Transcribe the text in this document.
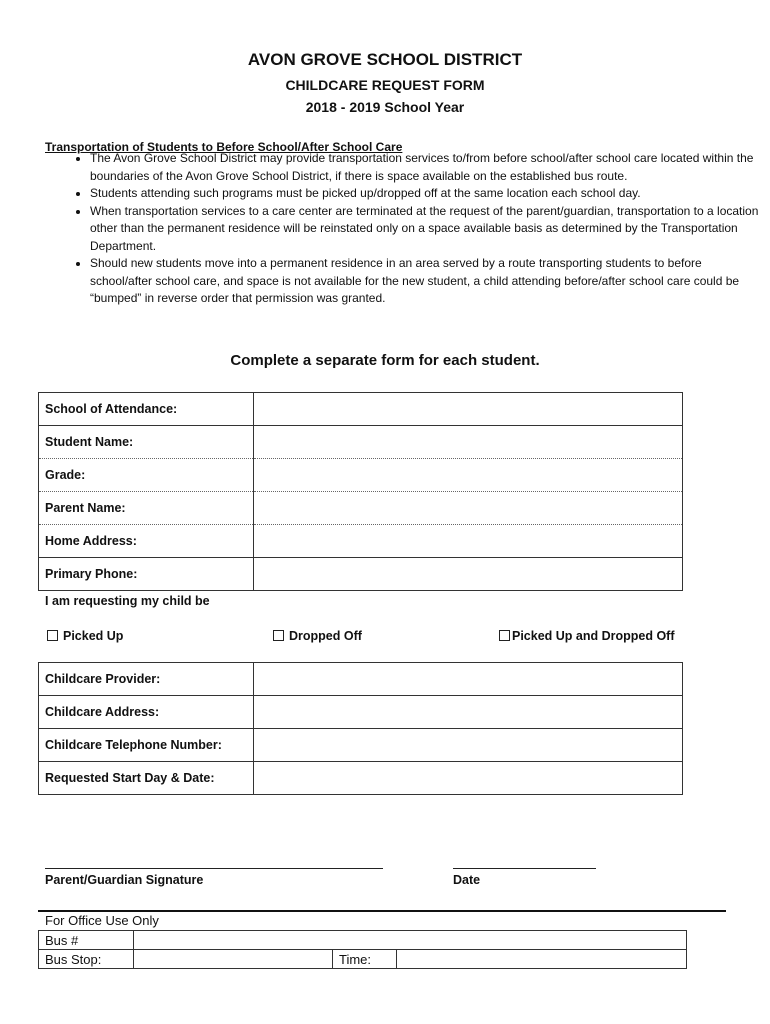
AVON GROVE SCHOOL DISTRICT
CHILDCARE REQUEST FORM
2018 - 2019 School Year
Transportation of Students to Before School/After School Care
• The Avon Grove School District may provide transportation services to/from before school/after school care located within the boundaries of the Avon Grove School District, if there is space available on the established bus route.
• Students attending such programs must be picked up/dropped off at the same location each school day.
• When transportation services to a care center are terminated at the request of the parent/guardian, transportation to a location other than the permanent residence will be reinstated only on a space available basis as determined by the Transportation Department.
• Should new students move into a permanent residence in an area served by a route transporting students to before school/after school care, and space is not available for the new student, a child attending before/after school care could be “bumped” in reverse order that permission was granted.
Complete a separate form for each student.
School of Attendance:	
Student Name:	
Grade:	
Parent Name:	
Home Address:	
Primary Phone:	
I am requesting my child be
Picked Up	Dropped Off	Picked Up and Dropped Off
Childcare Provider:	
Childcare Address:	
Childcare Telephone Number:	
Requested Start Day & Date:	
Parent/Guardian Signature	Date
For Office Use Only
Bus #			
Bus Stop:		Time:	
